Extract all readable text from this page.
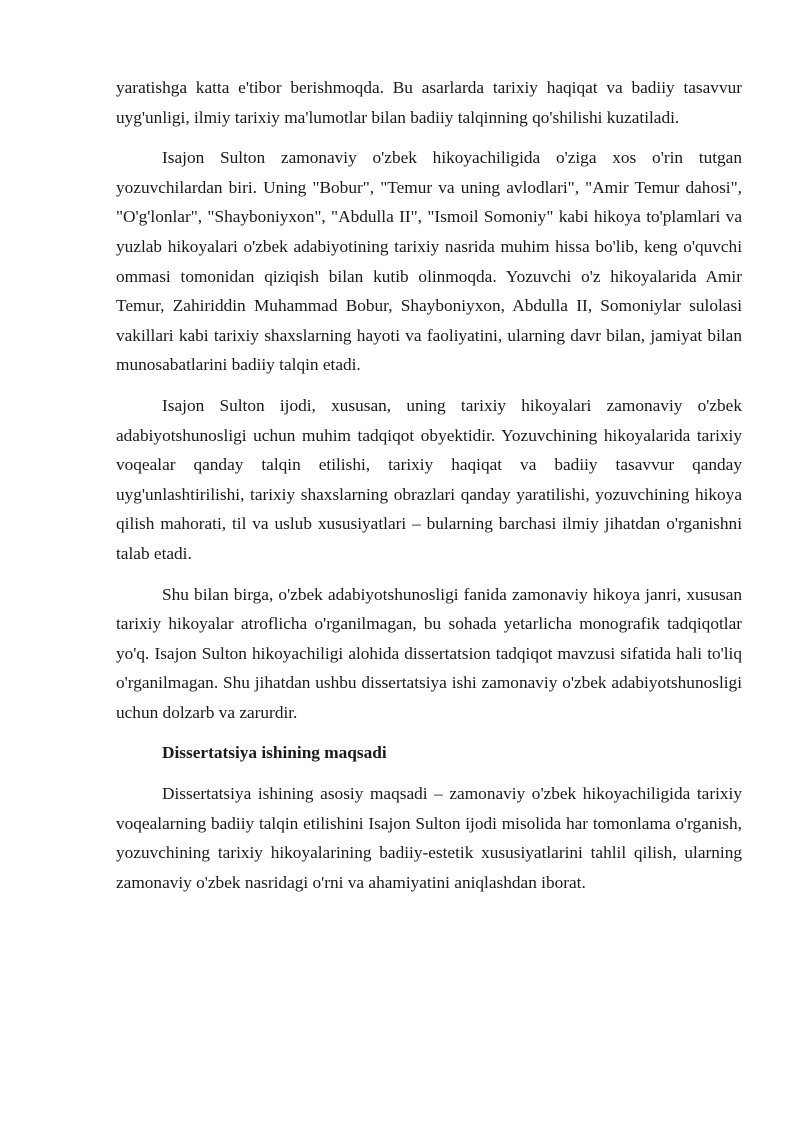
yaratishga katta e'tibor berishmoqda. Bu asarlarda tarixiy haqiqat va badiiy tasavvur uyg'unligi, ilmiy tarixiy ma'lumotlar bilan badiiy talqinning qo'shilishi kuzatiladi.

Isajon Sulton zamonaviy o'zbek hikoyachiligida o'ziga xos o'rin tutgan yozuvchilardan biri. Uning "Bobur", "Temur va uning avlodlari", "Amir Temur dahosi", "O'g'lonlar", "Shayboniyxon", "Abdulla II", "Ismoil Somoniy" kabi hikoya to'plamlari va yuzlab hikoyalari o'zbek adabiyotining tarixiy nasrida muhim hissa bo'lib, keng o'quvchi ommasi tomonidan qiziqish bilan kutib olinmoqda. Yozuvchi o'z hikoyalarida Amir Temur, Zahiriddin Muhammad Bobur, Shayboniyxon, Abdulla II, Somoniylar sulolasi vakillari kabi tarixiy shaxslarning hayoti va faoliyatini, ularning davr bilan, jamiyat bilan munosabatlarini badiiy talqin etadi.

Isajon Sulton ijodi, xususan, uning tarixiy hikoyalari zamonaviy o'zbek adabiyotshunosligi uchun muhim tadqiqot obyektidir. Yozuvchining hikoyalarida tarixiy voqealar qanday talqin etilishi, tarixiy haqiqat va badiiy tasavvur qanday uyg'unlashtirilishi, tarixiy shaxslarning obrazlari qanday yaratilishi, yozuvchining hikoya qilish mahorati, til va uslub xususiyatlari – bularning barchasi ilmiy jihatdan o'rganishni talab etadi.

Shu bilan birga, o'zbek adabiyotshunosligi fanida zamonaviy hikoya janri, xususan tarixiy hikoyalar atroflicha o'rganilmagan, bu sohada yetarlicha monografik tadqiqotlar yo'q. Isajon Sulton hikoyachiligi alohida dissertatsion tadqiqot mavzusi sifatida hali to'liq o'rganilmagan. Shu jihatdan ushbu dissertatsiya ishi zamonaviy o'zbek adabiyotshunosligi uchun dolzarb va zarurdir.

Dissertatsiya ishining maqsadi

Dissertatsiya ishining asosiy maqsadi – zamonaviy o'zbek hikoyachiligida tarixiy voqealarning badiiy talqin etilishini Isajon Sulton ijodi misolida har tomonlama o'rganish, yozuvchining tarixiy hikoyalarining badiiy-estetik xususiyatlarini tahlil qilish, ularning zamonaviy o'zbek nasridagi o'rni va ahamiyatini aniqlashdan iborat.
